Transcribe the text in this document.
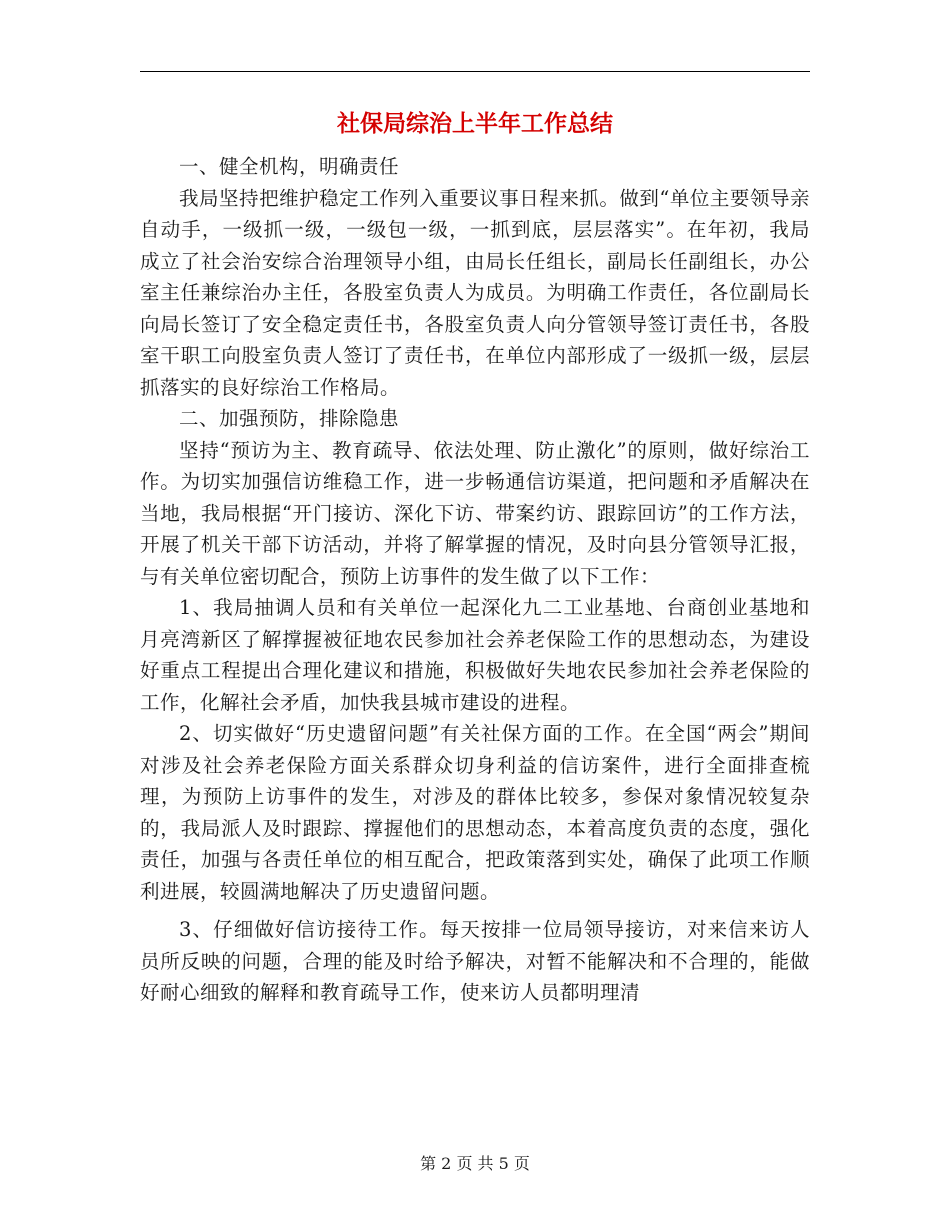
社保局综治上半年工作总结

一、健全机构，明确责任

我局坚持把维护稳定工作列入重要议事日程来抓。做到“单位主要领导亲自动手，一级抓一级，一级包一级，一抓到底，层层落实”。在年初，我局成立了社会治安综合治理领导小组，由局长任组长，副局长任副组长，办公室主任兼综治办主任，各股室负责人为成员。为明确工作责任，各位副局长向局长签订了安全稳定责任书，各股室负责人向分管领导签订责任书，各股室干职工向股室负责人签订了责任书，在单位内部形成了一级抓一级，层层抓落实的良好综治工作格局。

二、加强预防，排除隐患

坚持“预访为主、教育疏导、依法处理、防止激化”的原则，做好综治工作。为切实加强信访维稳工作，进一步畅通信访渠道，把问题和矛盾解决在当地，我局根据“开门接访、深化下访、带案约访、跟踪回访”的工作方法，开展了机关干部下访活动，并将了解掌握的情况，及时向县分管领导汇报，与有关单位密切配合，预防上访事件的发生做了以下工作：

1、我局抽调人员和有关单位一起深化九二工业基地、台商创业基地和月亮湾新区了解撑握被征地农民参加社会养老保险工作的思想动态，为建设好重点工程提出合理化建议和措施，积极做好失地农民参加社会养老保险的工作，化解社会矛盾，加快我县城市建设的进程。

2、切实做好“历史遗留问题”有关社保方面的工作。在全国“两会”期间对涉及社会养老保险方面关系群众切身利益的信访案件，进行全面排查梳理，为预防上访事件的发生，对涉及的群体比较多，参保对象情况较复杂的，我局派人及时跟踪、撑握他们的思想动态，本着高度负责的态度，强化责任，加强与各责任单位的相互配合，把政策落到实处，确保了此项工作顺利进展，较圆满地解决了历史遗留问题。

3、仔细做好信访接待工作。每天按排一位局领导接访，对来信来访人员所反映的问题，合理的能及时给予解决，对暂不能解决和不合理的，能做好耐心细致的解释和教育疏导工作，使来访人员都明理清

第 2 页 共 5 页
